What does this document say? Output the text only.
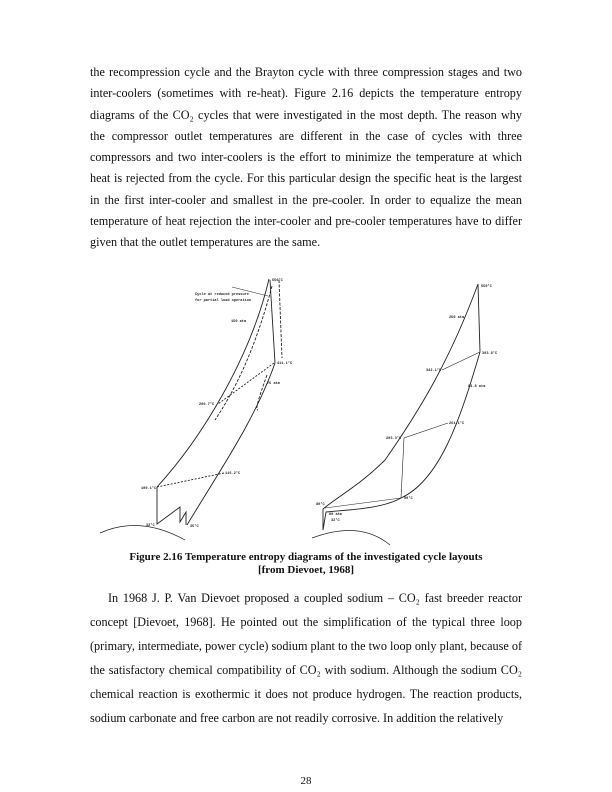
the recompression cycle and the Brayton cycle with three compression stages and two inter-coolers (sometimes with re-heat). Figure 2.16 depicts the temperature entropy diagrams of the CO₂ cycles that were investigated in the most depth. The reason why the compressor outlet temperatures are different in the case of cycles with three compressors and two inter-coolers is the effort to minimize the temperature at which heat is rejected from the cycle. For this particular design the specific heat is the largest in the first inter-cooler and smallest in the pre-cooler. In order to equalize the mean temperature of heat rejection the inter-cooler and pre-cooler temperatures have to differ given that the outlet temperatures are the same.

550°C
Cycle at reduced pressure
for partial load operation
150 atm
411.1°C
75 atm
200.7°C
116.2°C
100.1°C
32°C	35°C
550°C
250 atm
393.8°C
342.1°C
84.8 atm
261.1°C
203.3°C
90°C
80°C
80 atm
32°C
Figure 2.16 Temperature entropy diagrams of the investigated cycle layouts
[from Dievoet, 1968]

In 1968 J. P. Van Dievoet proposed a coupled sodium – CO₂ fast breeder reactor concept [Dievoet, 1968]. He pointed out the simplification of the typical three loop (primary, intermediate, power cycle) sodium plant to the two loop only plant, because of the satisfactory chemical compatibility of CO₂ with sodium. Although the sodium CO₂ chemical reaction is exothermic it does not produce hydrogen. The reaction products, sodium carbonate and free carbon are not readily corrosive. In addition the relatively

28
